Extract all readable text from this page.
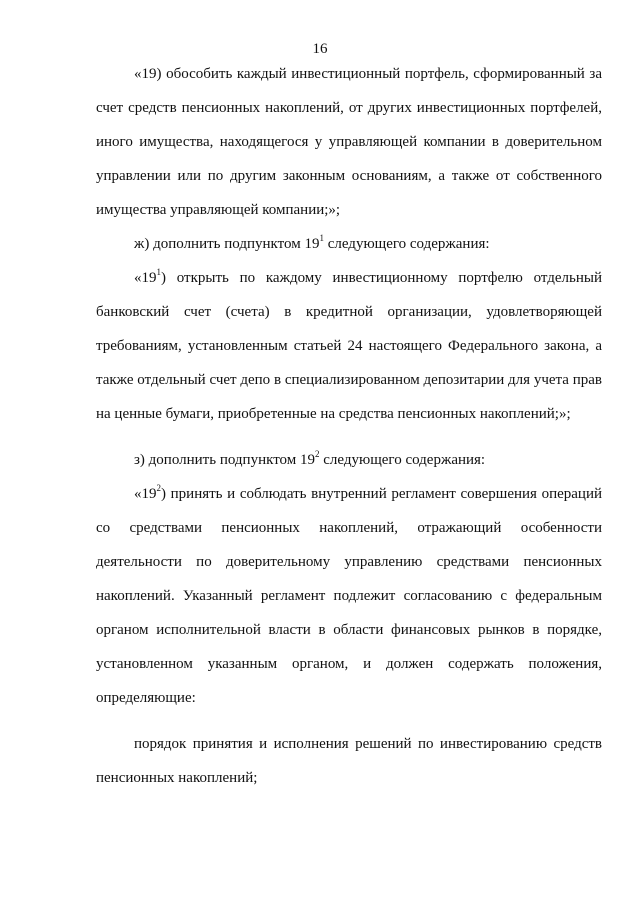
16

«19) обособить каждый инвестиционный портфель, сформированный за счет средств пенсионных накоплений, от других инвестиционных портфелей, иного имущества, находящегося у управляющей компании в доверительном управлении или по другим законным основаниям, а также от собственного имущества управляющей компании;»;

ж) дополнить подпунктом $19^1$ следующего содержания:

«$19^1$) открыть по каждому инвестиционному портфелю отдельный банковский счет (счета) в кредитной организации, удовлетворяющей требованиям, установленным статьей 24 настоящего Федерального закона, а также отдельный счет депо в специализированном депозитарии для учета прав на ценные бумаги, приобретенные на средства пенсионных накоплений;»;

з) дополнить подпунктом $19^2$ следующего содержания:

«$19^2$) принять и соблюдать внутренний регламент совершения операций со средствами пенсионных накоплений, отражающий особенности деятельности по доверительному управлению средствами пенсионных накоплений. Указанный регламент подлежит согласованию с федеральным органом исполнительной власти в области финансовых рынков в порядке, установленном указанным органом, и должен содержать положения, определяющие:

порядок принятия и исполнения решений по инвестированию средств пенсионных накоплений;
